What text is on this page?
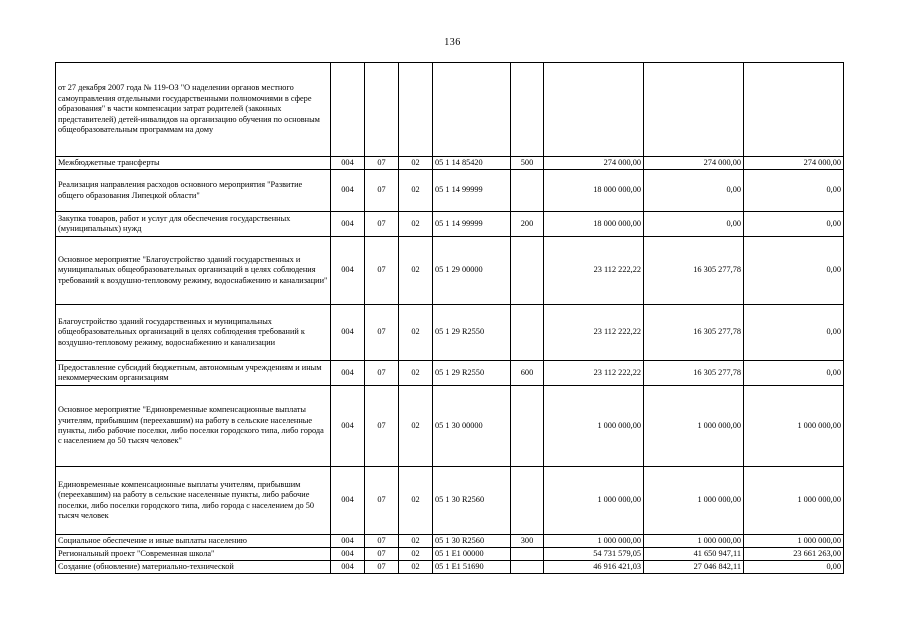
136
от 27 декабря 2007 года № 119-ОЗ "О наделении органов местного самоуправления отдельными государственными полномочиями в сфере образования" в части компенсации затрат родителей (законных представителей) детей-инвалидов на организацию обучения по основным общеобразовательным программам на дому								
Межбюджетные трансферты	004	07	02	05 1 14 85420	500	274 000,00	274 000,00	274 000,00
Реализация направления расходов основного мероприятия "Развитие общего образования Липецкой области"	004	07	02	05 1 14 99999		18 000 000,00	0,00	0,00
Закупка товаров, работ и услуг для обеспечения государственных (муниципальных) нужд	004	07	02	05 1 14 99999	200	18 000 000,00	0,00	0,00
Основное мероприятие "Благоустройство зданий государственных и муниципальных общеобразовательных организаций в целях соблюдения требований к воздушно-тепловому режиму, водоснабжению и канализации"	004	07	02	05 1 29 00000		23 112 222,22	16 305 277,78	0,00
Благоустройство зданий государственных и муниципальных общеобразовательных организаций в целях соблюдения требований к воздушно-тепловому режиму, водоснабжению и канализации	004	07	02	05 1 29 R2550		23 112 222,22	16 305 277,78	0,00
Предоставление субсидий бюджетным, автономным учреждениям и иным некоммерческим организациям	004	07	02	05 1 29 R2550	600	23 112 222,22	16 305 277,78	0,00
Основное мероприятие "Единовременные компенсационные выплаты учителям, прибывшим (переехавшим) на работу в сельские населенные пункты, либо рабочие поселки, либо поселки городского типа, либо города с населением до 50 тысяч человек"	004	07	02	05 1 30 00000		1 000 000,00	1 000 000,00	1 000 000,00
Единовременные компенсационные выплаты учителям, прибывшим (переехавшим) на работу в сельские населенные пункты, либо рабочие поселки, либо поселки городского типа, либо города с населением до 50 тысяч человек	004	07	02	05 1 30 R2560		1 000 000,00	1 000 000,00	1 000 000,00
Социальное обеспечение и иные выплаты населению	004	07	02	05 1 30 R2560	300	1 000 000,00	1 000 000,00	1 000 000,00
Региональный проект "Современная школа"	004	07	02	05 1 E1 00000		54 731 579,05	41 650 947,11	23 661 263,00
Создание (обновление) материально-технической	004	07	02	05 1 E1 51690		46 916 421,03	27 046 842,11	0,00
